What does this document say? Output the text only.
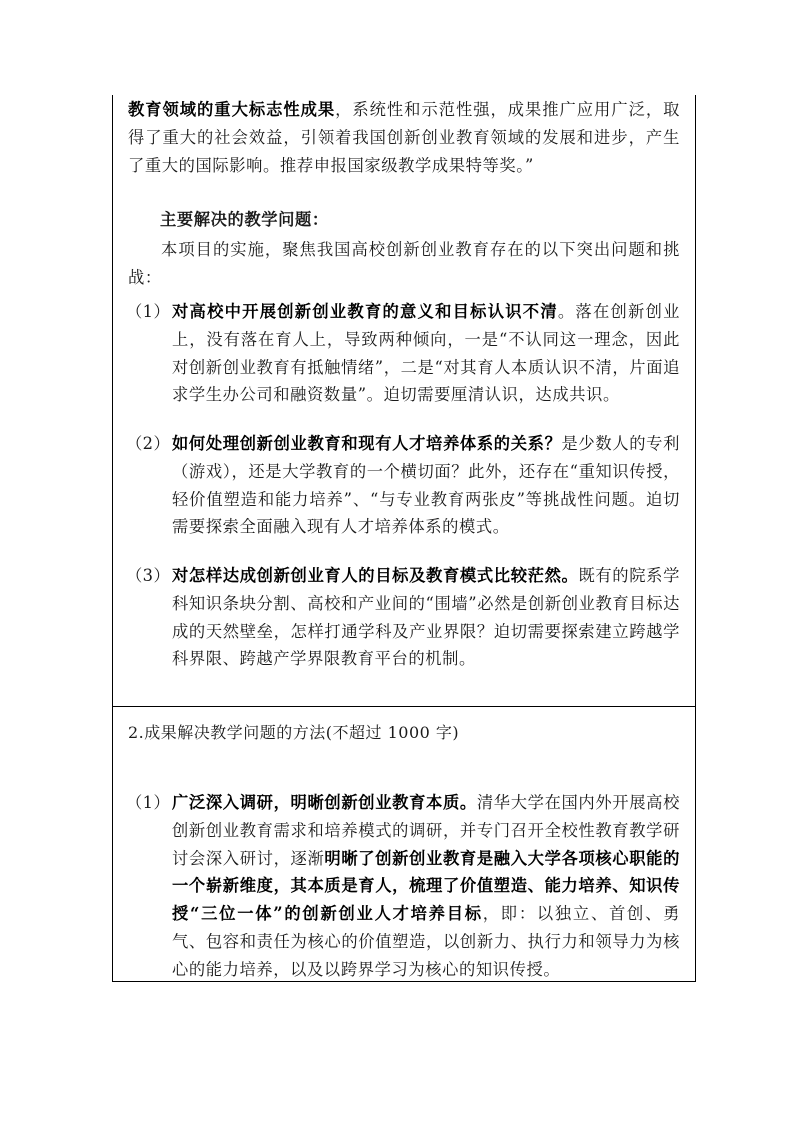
教育领域的重大标志性成果，系统性和示范性强，成果推广应用广泛，取得了重大的社会效益，引领着我国创新创业教育领域的发展和进步，产生了重大的国际影响。推荐申报国家级教学成果特等奖。”

主要解决的教学问题：

本项目的实施，聚焦我国高校创新创业教育存在的以下突出问题和挑战：

（1） 对高校中开展创新创业教育的意义和目标认识不清。落在创新创业上，没有落在育人上，导致两种倾向，一是“不认同这一理念，因此对创新创业教育有抵触情绪”，二是“对其育人本质认识不清，片面追求学生办公司和融资数量”。迫切需要厘清认识，达成共识。

（2） 如何处理创新创业教育和现有人才培养体系的关系？是少数人的专利（游戏），还是大学教育的一个横切面？此外，还存在“重知识传授，轻价值塑造和能力培养”、“与专业教育两张皮”等挑战性问题。迫切需要探索全面融入现有人才培养体系的模式。

（3） 对怎样达成创新创业育人的目标及教育模式比较茫然。既有的院系学科知识条块分割、高校和产业间的“围墙”必然是创新创业教育目标达成的天然壁垒，怎样打通学科及产业界限？迫切需要探索建立跨越学科界限、跨越产学界限教育平台的机制。

2.成果解决教学问题的方法(不超过 1000 字)
（1） 广泛深入调研，明晰创新创业教育本质。清华大学在国内外开展高校创新创业教育需求和培养模式的调研，并专门召开全校性教育教学研讨会深入研讨，逐渐明晰了创新创业教育是融入大学各项核心职能的一个崭新维度，其本质是育人，梳理了价值塑造、能力培养、知识传授“三位一体”的创新创业人才培养目标，即：以独立、首创、勇气、包容和责任为核心的价值塑造，以创新力、执行力和领导力为核心的能力培养，以及以跨界学习为核心的知识传授。
